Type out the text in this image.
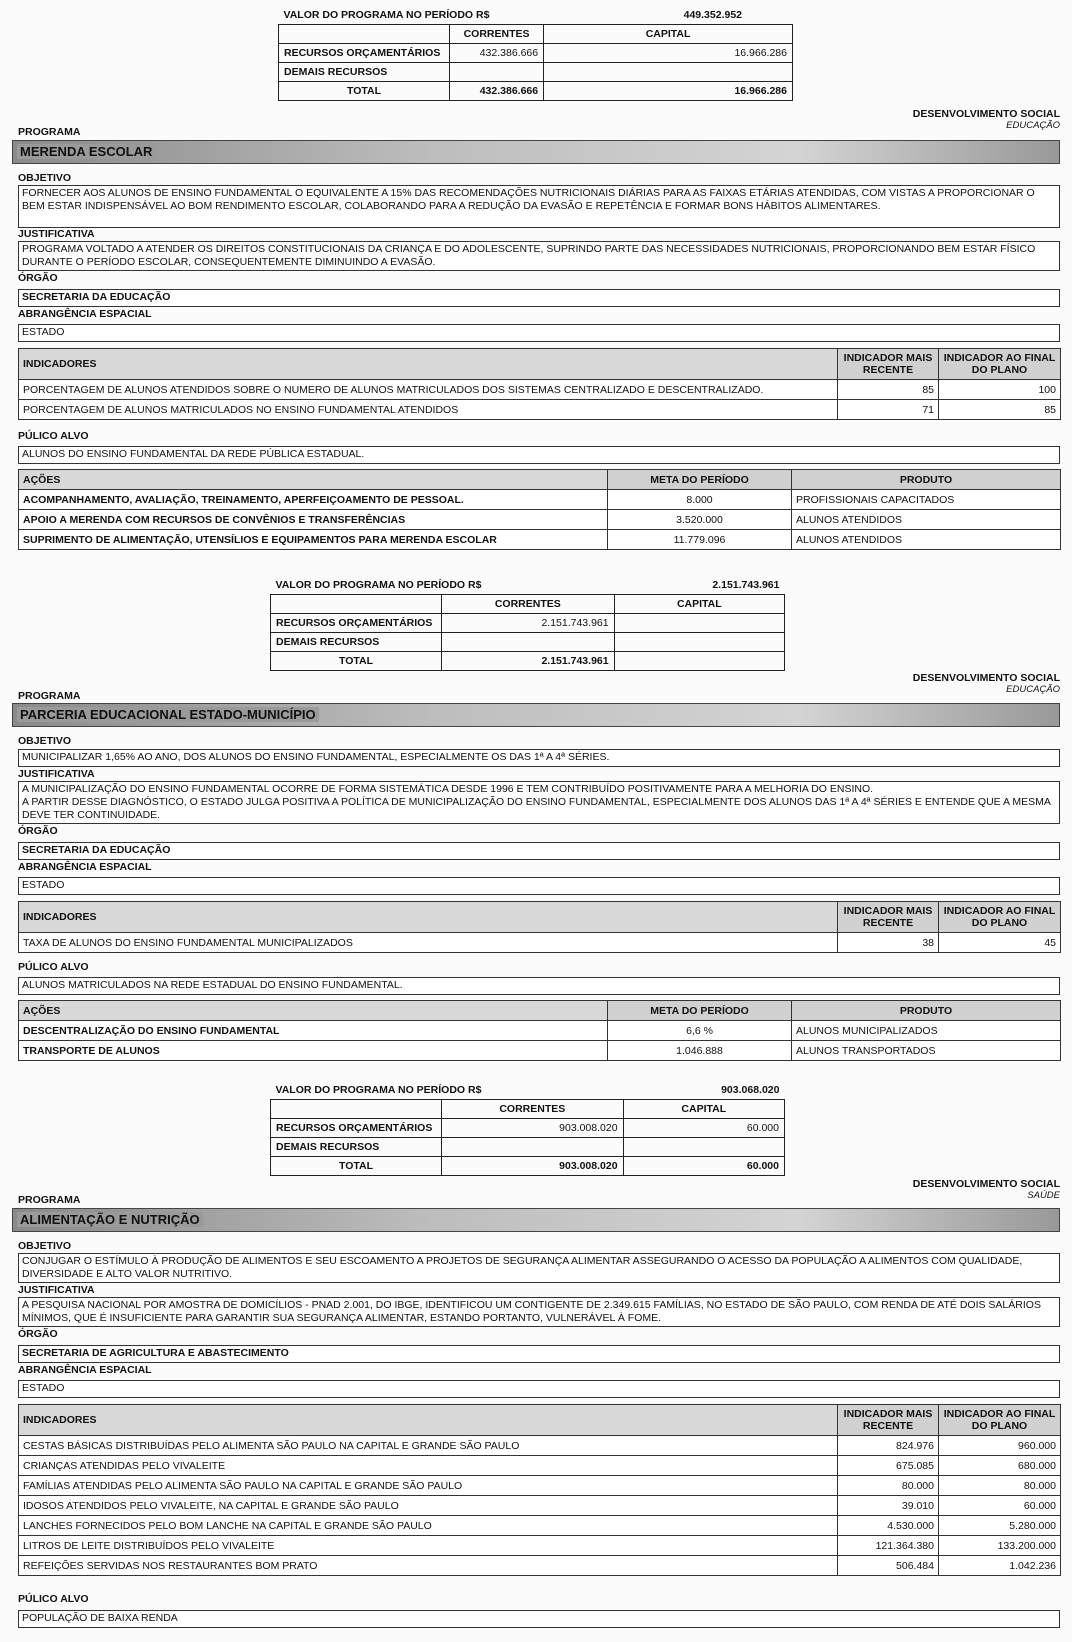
VALOR DO PROGRAMA NO PERÍODO R$		449.352.952
	CORRENTES	CAPITAL
RECURSOS ORÇAMENTÁRIOS	432.386.666	16.966.286
DEMAIS RECURSOS		
TOTAL	432.386.666	16.966.286
DESENVOLVIMENTO SOCIAL
EDUCAÇÃO
PROGRAMA
MERENDA ESCOLAR
OBJETIVO
FORNECER AOS ALUNOS DE ENSINO FUNDAMENTAL O EQUIVALENTE A 15% DAS RECOMENDAÇÕES NUTRICIONAIS DIÁRIAS PARA AS FAIXAS ETÁRIAS ATENDIDAS, COM VISTAS A PROPORCIONAR O BEM ESTAR INDISPENSÁVEL AO BOM RENDIMENTO ESCOLAR, COLABORANDO PARA A REDUÇÃO DA EVASÃO E REPETÊNCIA E FORMAR BONS HÁBITOS ALIMENTARES.
JUSTIFICATIVA
PROGRAMA VOLTADO A ATENDER OS DIREITOS CONSTITUCIONAIS DA CRIANÇA E DO ADOLESCENTE, SUPRINDO PARTE DAS NECESSIDADES NUTRICIONAIS, PROPORCIONANDO BEM ESTAR FÍSICO DURANTE O PERÍODO ESCOLAR, CONSEQUENTEMENTE DIMINUINDO A EVASÃO.
ÓRGÃO
SECRETARIA DA EDUCAÇÃO
ABRANGÊNCIA ESPACIAL
ESTADO
INDICADORES	INDICADOR MAIS RECENTE	INDICADOR AO FINAL DO PLANO
PORCENTAGEM DE ALUNOS ATENDIDOS SOBRE O NUMERO DE ALUNOS MATRICULADOS DOS SISTEMAS CENTRALIZADO E DESCENTRALIZADO.	85	100
PORCENTAGEM DE ALUNOS MATRICULADOS NO ENSINO FUNDAMENTAL ATENDIDOS	71	85
PÚLICO ALVO
ALUNOS DO ENSINO FUNDAMENTAL DA REDE PÚBLICA ESTADUAL.
AÇÕES	META DO PERÍODO	PRODUTO
ACOMPANHAMENTO, AVALIAÇÃO, TREINAMENTO, APERFEIÇOAMENTO DE PESSOAL.	8.000	PROFISSIONAIS CAPACITADOS
APOIO A MERENDA COM RECURSOS DE CONVÊNIOS E TRANSFERÊNCIAS	3.520.000	ALUNOS ATENDIDOS
SUPRIMENTO DE ALIMENTAÇÃO, UTENSÍLIOS E EQUIPAMENTOS PARA MERENDA ESCOLAR	11.779.096	ALUNOS ATENDIDOS
VALOR DO PROGRAMA NO PERÍODO R$		2.151.743.961
	CORRENTES	CAPITAL
RECURSOS ORÇAMENTÁRIOS	2.151.743.961	
DEMAIS RECURSOS		
TOTAL	2.151.743.961	
DESENVOLVIMENTO SOCIAL
EDUCAÇÃO
PROGRAMA
PARCERIA EDUCACIONAL ESTADO-MUNICÍPIO
OBJETIVO
MUNICIPALIZAR 1,65% AO ANO, DOS ALUNOS DO ENSINO FUNDAMENTAL, ESPECIALMENTE OS DAS 1ª A 4ª SÉRIES.
JUSTIFICATIVA
A MUNICIPALIZAÇÃO DO ENSINO FUNDAMENTAL OCORRE DE FORMA SISTEMÁTICA DESDE 1996 E TEM CONTRIBUÍDO POSITIVAMENTE PARA A MELHORIA DO ENSINO.
A PARTIR DESSE DIAGNÓSTICO, O ESTADO JULGA POSITIVA A POLÍTICA DE MUNICIPALIZAÇÃO DO ENSINO FUNDAMENTAL, ESPECIALMENTE DOS ALUNOS DAS 1ª A 4ª SÉRIES E ENTENDE QUE A MESMA DEVE TER CONTINUIDADE.
ÓRGÃO
SECRETARIA DA EDUCAÇÃO
ABRANGÊNCIA ESPACIAL
ESTADO
INDICADORES	INDICADOR MAIS RECENTE	INDICADOR AO FINAL DO PLANO
TAXA DE ALUNOS DO ENSINO FUNDAMENTAL MUNICIPALIZADOS	38	45
PÚLICO ALVO
ALUNOS MATRICULADOS NA REDE ESTADUAL DO ENSINO FUNDAMENTAL.
AÇÕES	META DO PERÍODO	PRODUTO
DESCENTRALIZAÇÃO DO ENSINO FUNDAMENTAL	6,6 %	ALUNOS MUNICIPALIZADOS
TRANSPORTE DE ALUNOS	1.046.888	ALUNOS TRANSPORTADOS
VALOR DO PROGRAMA NO PERÍODO R$		903.068.020
	CORRENTES	CAPITAL
RECURSOS ORÇAMENTÁRIOS	903.008.020	60.000
DEMAIS RECURSOS		
TOTAL	903.008.020	60.000
DESENVOLVIMENTO SOCIAL
SAÚDE
PROGRAMA
ALIMENTAÇÃO E NUTRIÇÃO
OBJETIVO
CONJUGAR O ESTÍMULO À PRODUÇÃO DE ALIMENTOS E SEU ESCOAMENTO A PROJETOS DE SEGURANÇA ALIMENTAR ASSEGURANDO O ACESSO DA POPULAÇÃO A ALIMENTOS COM QUALIDADE, DIVERSIDADE E ALTO VALOR NUTRITIVO.
JUSTIFICATIVA
A PESQUISA NACIONAL POR AMOSTRA DE DOMICÍLIOS - PNAD 2.001, DO IBGE, IDENTIFICOU UM CONTIGENTE DE 2.349.615 FAMÍLIAS, NO ESTADO DE SÃO PAULO, COM RENDA DE ATÉ DOIS SALÁRIOS MÍNIMOS, QUE É INSUFICIENTE PARA GARANTIR SUA SEGURANÇA ALIMENTAR, ESTANDO PORTANTO, VULNERÁVEL À FOME.
ÓRGÃO
SECRETARIA DE AGRICULTURA E ABASTECIMENTO
ABRANGÊNCIA ESPACIAL
ESTADO
INDICADORES	INDICADOR MAIS RECENTE	INDICADOR AO FINAL DO PLANO
CESTAS BÁSICAS DISTRIBUÍDAS PELO ALIMENTA SÃO PAULO NA CAPITAL E GRANDE SÃO PAULO	824.976	960.000
CRIANÇAS ATENDIDAS PELO VIVALEITE	675.085	680.000
FAMÍLIAS ATENDIDAS PELO ALIMENTA SÃO PAULO NA CAPITAL E GRANDE SÃO PAULO	80.000	80.000
IDOSOS ATENDIDOS PELO VIVALEITE, NA CAPITAL E GRANDE SÃO PAULO	39.010	60.000
LANCHES FORNECIDOS PELO BOM LANCHE NA CAPITAL E GRANDE SÃO PAULO	4.530.000	5.280.000
LITROS DE LEITE DISTRIBUÍDOS PELO VIVALEITE	121.364.380	133.200.000
REFEIÇÕES SERVIDAS NOS RESTAURANTES BOM PRATO	506.484	1.042.236
PÚLICO ALVO
POPULAÇÃO DE BAIXA RENDA
